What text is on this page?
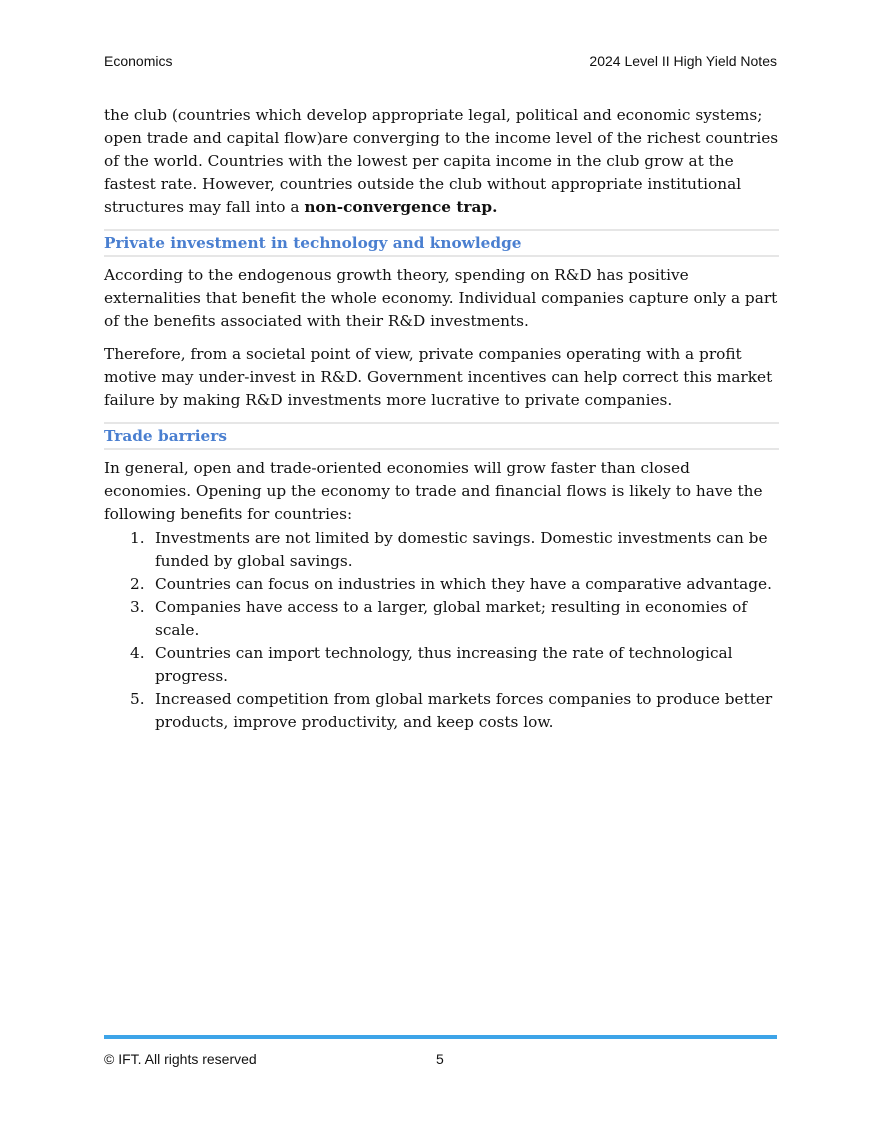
Economics	2024 Level II High Yield Notes

the club (countries which develop appropriate legal, political and economic systems; open trade and capital flow)are converging to the income level of the richest countries of the world. Countries with the lowest per capita income in the club grow at the fastest rate. However, countries outside the club without appropriate institutional structures may fall into a non-convergence trap.

Private investment in technology and knowledge

According to the endogenous growth theory, spending on R&D has positive externalities that benefit the whole economy. Individual companies capture only a part of the benefits associated with their R&D investments.

Therefore, from a societal point of view, private companies operating with a profit motive may under-invest in R&D. Government incentives can help correct this market failure by making R&D investments more lucrative to private companies.

Trade barriers

In general, open and trade-oriented economies will grow faster than closed economies. Opening up the economy to trade and financial flows is likely to have the following benefits for countries:

1. Investments are not limited by domestic savings. Domestic investments can be funded by global savings.
2. Countries can focus on industries in which they have a comparative advantage.
3. Companies have access to a larger, global market; resulting in economies of scale.
4. Countries can import technology, thus increasing the rate of technological progress.
5. Increased competition from global markets forces companies to produce better products, improve productivity, and keep costs low.
© IFT. All rights reserved	5
